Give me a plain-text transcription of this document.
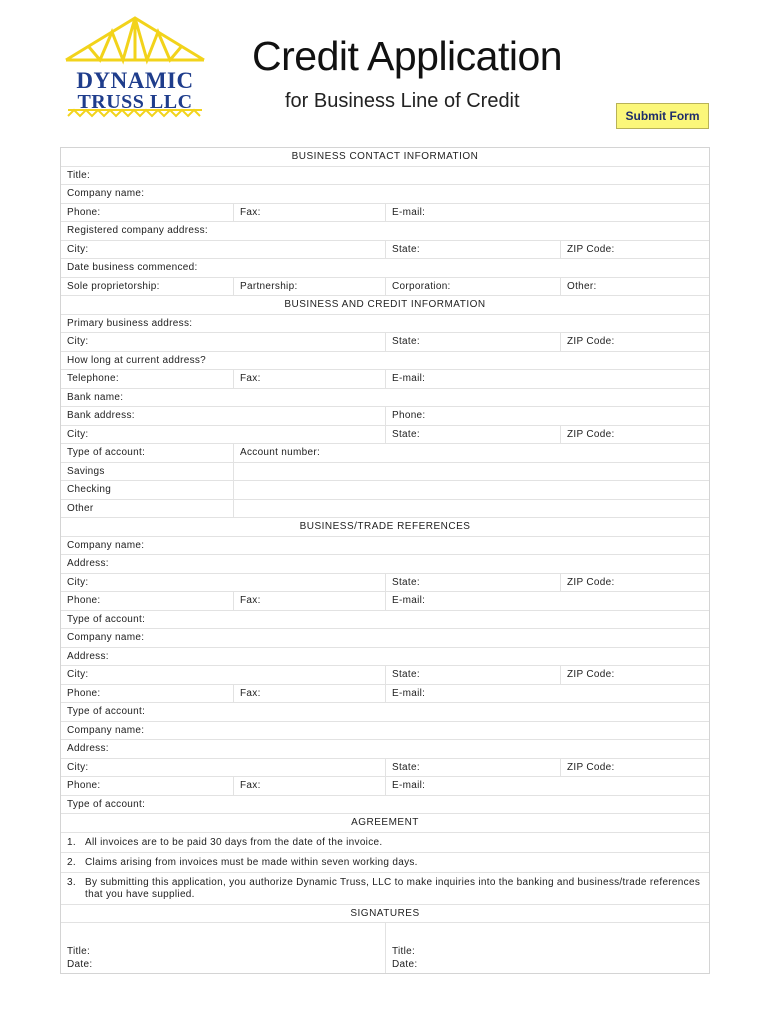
DYNAMIC
TRUSS LLC
Credit Application
for Business Line of Credit
Submit Form
BUSINESS CONTACT INFORMATION
Title:
Company name:
Phone:	Fax:	E-mail:
Registered company address:
City:	State:	ZIP Code:
Date business commenced:
Sole proprietorship:	Partnership:	Corporation:	Other:
BUSINESS AND CREDIT INFORMATION
Primary business address:
City:	State:	ZIP Code:
How long at current address?
Telephone:	Fax:	E-mail:
Bank name:
Bank address:	Phone:
City:	State:	ZIP Code:
Type of account:	Account number:
Savings
Checking
Other
BUSINESS/TRADE REFERENCES
Company name:
Address:
City:	State:	ZIP Code:
Phone:	Fax:	E-mail:
Type of account:
Company name:
Address:
City:	State:	ZIP Code:
Phone:	Fax:	E-mail:
Type of account:
Company name:
Address:
City:	State:	ZIP Code:
Phone:	Fax:	E-mail:
Type of account:
AGREEMENT
1. All invoices are to be paid 30 days from the date of the invoice.
2. Claims arising from invoices must be made within seven working days.
3. By submitting this application, you authorize Dynamic Truss, LLC to make inquiries into the banking and business/trade references that you have supplied.
SIGNATURES
Title:
Date:
Title:
Date:
